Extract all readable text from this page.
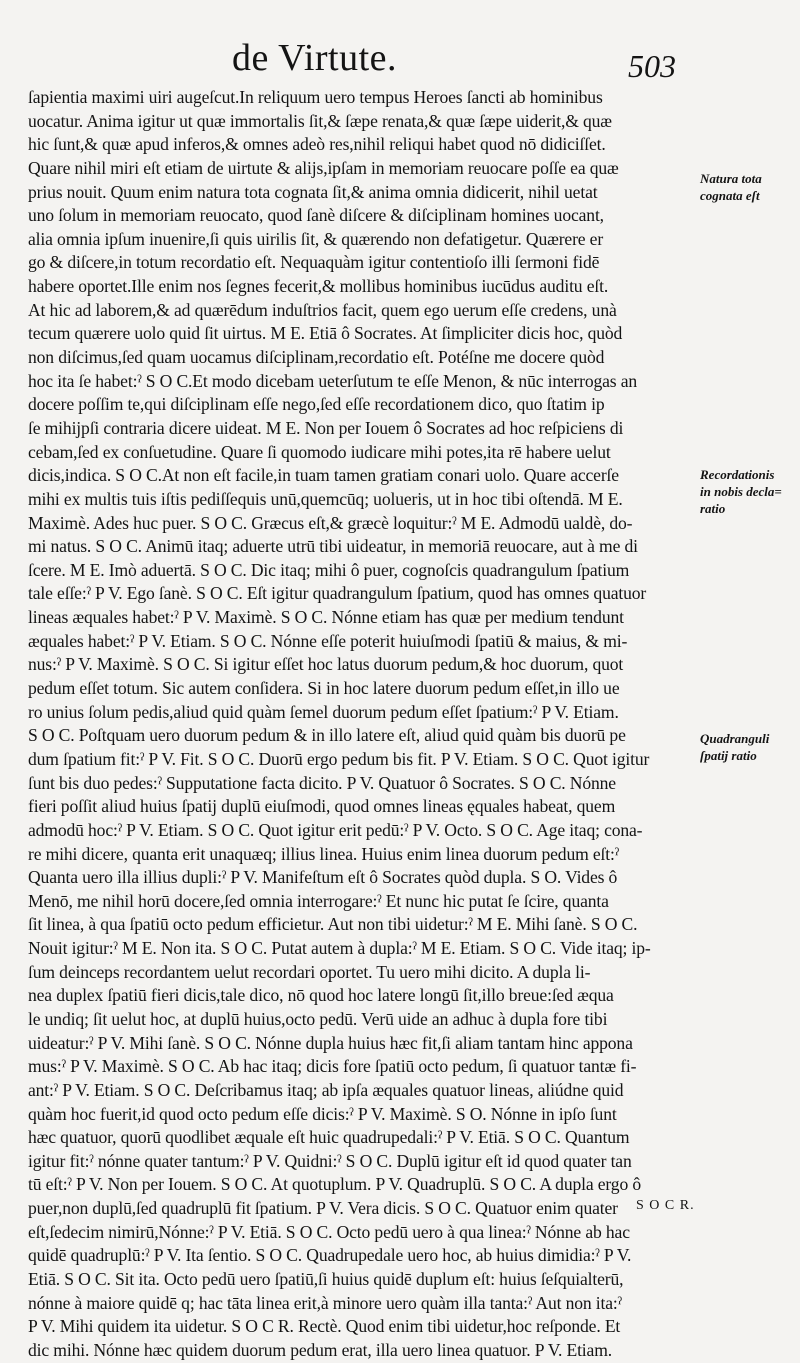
de Virtute.	503
ſapientia maximi uiri augeſcut.In reliquum uero tempus Heroes ſancti ab hominibus
uocatur. Anima igitur ut quæ immortalis ſit,& ſæpe renata,& quæ ſæpe uiderit,& quæ
hic ſunt,& quæ apud inferos,& omnes adeò res,nihil reliqui habet quod nō didiciſſet.
Quare nihil miri eſt etiam de uirtute & alijs,ipſam in memoriam reuocare poſſe ea quæ
prius nouit. Quum enim natura tota cognata ſit,& anima omnia didicerit, nihil uetat
uno ſolum in memoriam reuocato, quod ſanè diſcere & diſciplinam homines uocant,
alia omnia ipſum inuenire,ſi quis uirilis ſit, & quærendo non defatigetur. Quærere er
go & diſcere,in totum recordatio eſt. Nequaquàm igitur contentioſo illi ſermoni fidē
habere oportet.Ille enim nos ſegnes fecerit,& mollibus hominibus iucūdus auditu eſt.
At hic ad laborem,& ad quærēdum induſtrios facit, quem ego uerum eſſe credens, unà
tecum quærere uolo quid ſit uirtus. M E. Etiā ô Socrates. At ſimpliciter dicis hoc, quòd
non diſcimus,ſed quam uocamus diſciplinam,recordatio eſt. Potéſne me docere quòd
hoc ita ſe habet:ˀ S O C.Et modo dicebam ueterſutum te eſſe Menon, & nūc interrogas an
docere poſſim te,qui diſciplinam eſſe nego,ſed eſſe recordationem dico, quo ſtatim ip
ſe mihijpſi contraria dicere uideat. M E. Non per Iouem ô Socrates ad hoc reſpiciens di
cebam,ſed ex conſuetudine. Quare ſi quomodo iudicare mihi potes,ita rē habere uelut
dicis,indica. S O C.At non eſt facile,in tuam tamen gratiam conari uolo. Quare accerſe
mihi ex multis tuis iſtis pediſſequis unū,quemcūq; uolueris, ut in hoc tibi oſtendā. M E.
Maximè. Ades huc puer. S O C. Græcus eſt,& græcè loquitur:ˀ M E. Admodū ualdè, do-
mi natus. S O C. Animū itaq; aduerte utrū tibi uideatur, in memoriā reuocare, aut à me di
ſcere. M E. Imò aduertā. S O C. Dic itaq; mihi ô puer, cognoſcis quadrangulum ſpatium
tale eſſe:ˀ P V. Ego ſanè. S O C. Eſt igitur quadrangulum ſpatium, quod has omnes quatuor
lineas æquales habet:ˀ P V. Maximè. S O C. Nónne etiam has quæ per medium tendunt
æquales habet:ˀ P V. Etiam. S O C. Nónne eſſe poterit huiuſmodi ſpatiū & maius, & mi-
nus:ˀ P V. Maximè. S O C. Si igitur eſſet hoc latus duorum pedum,& hoc duorum, quot
pedum eſſet totum. Sic autem conſidera. Si in hoc latere duorum pedum eſſet,in illo ue
ro unius ſolum pedis,aliud quid quàm ſemel duorum pedum eſſet ſpatium:ˀ P V. Etiam.
S O C. Poſtquam uero duorum pedum & in illo latere eſt, aliud quid quàm bis duorū pe
dum ſpatium fit:ˀ P V. Fit. S O C. Duorū ergo pedum bis fit. P V. Etiam. S O C. Quot igitur
ſunt bis duo pedes:ˀ Supputatione facta dicito. P V. Quatuor ô Socrates. S O C. Nónne
fieri poſſit aliud huius ſpatij duplū eiuſmodi, quod omnes lineas ęquales habeat, quem
admodū hoc:ˀ P V. Etiam. S O C. Quot igitur erit pedū:ˀ P V. Octo. S O C. Age itaq; cona-
re mihi dicere, quanta erit unaquæq; illius linea. Huius enim linea duorum pedum eſt:ˀ
Quanta uero illa illius dupli:ˀ P V. Manifeſtum eſt ô Socrates quòd dupla. S O. Vides ô
Menō, me nihil horū docere,ſed omnia interrogare:ˀ Et nunc hic putat ſe ſcire, quanta
ſit linea, à qua ſpatiū octo pedum efficietur. Aut non tibi uidetur:ˀ M E. Mihi ſanè. S O C.
Nouit igitur:ˀ M E. Non ita. S O C. Putat autem à dupla:ˀ M E. Etiam. S O C. Vide itaq; ip-
ſum deinceps recordantem uelut recordari oportet. Tu uero mihi dicito. A dupla li-
nea duplex ſpatiū fieri dicis,tale dico, nō quod hoc latere longū ſit,illo breue:ſed æqua
le undiq; ſit uelut hoc, at duplū huius,octo pedū. Verū uide an adhuc à dupla fore tibi
uideatur:ˀ P V. Mihi ſanè. S O C. Nónne dupla huius hæc fit,ſi aliam tantam hinc appona
mus:ˀ P V. Maximè. S O C. Ab hac itaq; dicis fore ſpatiū octo pedum, ſi quatuor tantæ fi-
ant:ˀ P V. Etiam. S O C. Deſcribamus itaq; ab ipſa æquales quatuor lineas, aliúdne quid
quàm hoc fuerit,id quod octo pedum eſſe dicis:ˀ P V. Maximè. S O. Nónne in ipſo ſunt
hæc quatuor, quorū quodlibet æquale eſt huic quadrupedali:ˀ P V. Etiā. S O C. Quantum
igitur fit:ˀ nónne quater tantum:ˀ P V. Quidni:ˀ S O C. Duplū igitur eſt id quod quater tan
tū eſt:ˀ P V. Non per Iouem. S O C. At quotuplum. P V. Quadruplū. S O C. A dupla ergo ô
puer,non duplū,ſed quadruplū fit ſpatium. P V. Vera dicis. S O C. Quatuor enim quater
eſt,ſedecim nimirū,Nónne:ˀ P V. Etiā. S O C. Octo pedū uero à qua linea:ˀ Nónne ab hac
quidē quadruplū:ˀ P V. Ita ſentio. S O C. Quadrupedale uero hoc, ab huius dimidia:ˀ P V.
Etiā. S O C. Sit ita. Octo pedū uero ſpatiū,ſi huius quidē duplum eſt: huius ſeſquialterū,
nónne à maiore quidē q; hac tāta linea erit,à minore uero quàm illa tanta:ˀ Aut non ita:ˀ
P V. Mihi quidem ita uidetur. S O C R. Rectè. Quod enim tibi uidetur,hoc reſponde. Et
dic mihi. Nónne hæc quidem duorum pedum erat, illa uero linea quatuor. P V. Etiam.
Natura tota
cognata eſt
Recordationis
in nobis decla=
ratio
Quadranguli
ſpatij ratio
S O C R.
